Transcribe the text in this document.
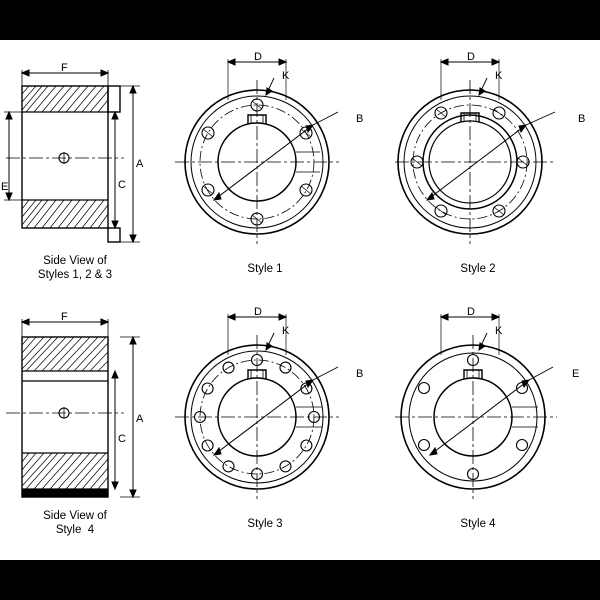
F
A
C
E
Side View of
Styles 1, 2 & 3
D
K
B
Style 1
D
K
B
Style 2
F
A
C
Side View of
Style  4
D
K
B
Style 3
D
K
E
Style 4
